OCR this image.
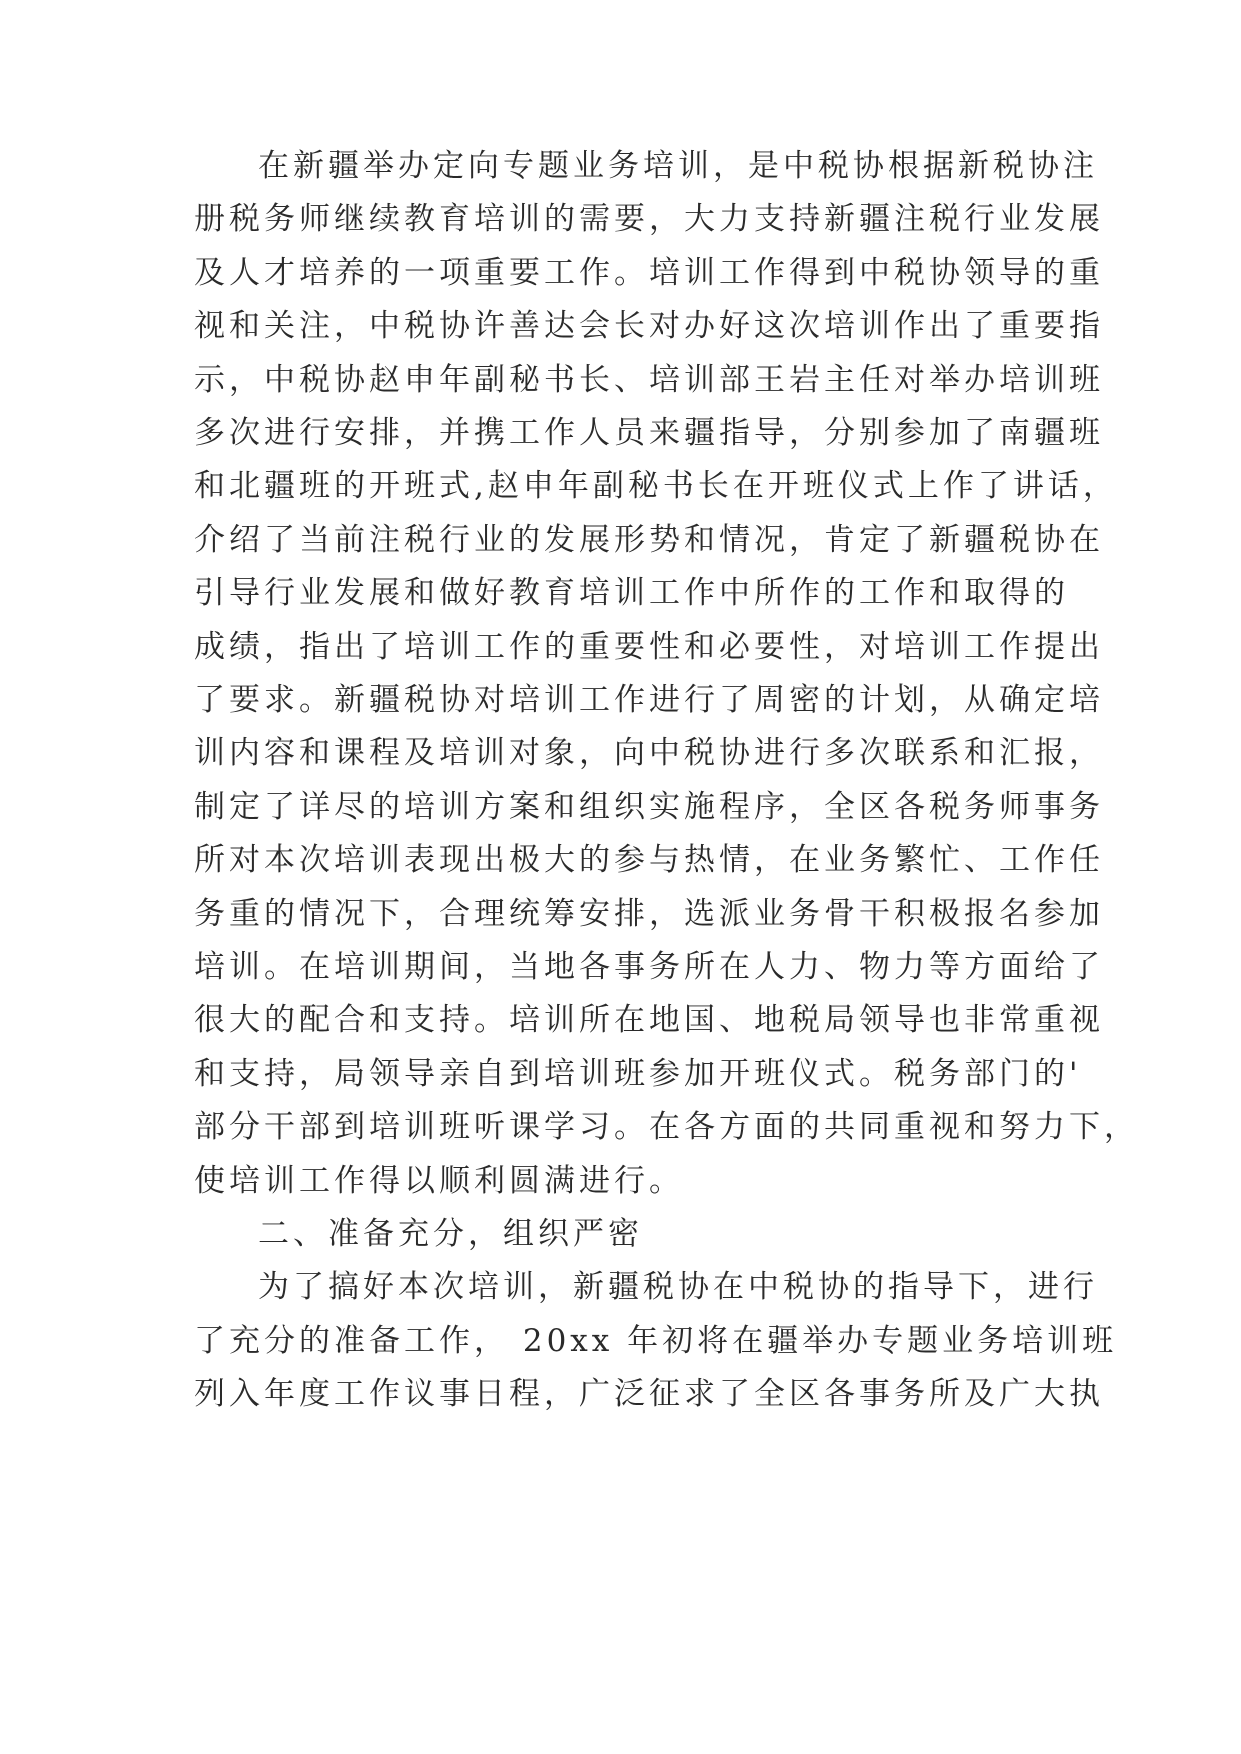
在新疆举办定向专题业务培训，是中税协根据新税协注
册税务师继续教育培训的需要，大力支持新疆注税行业发展
及人才培养的一项重要工作。培训工作得到中税协领导的重
视和关注，中税协许善达会长对办好这次培训作出了重要指
示，中税协赵申年副秘书长、培训部王岩主任对举办培训班
多次进行安排，并携工作人员来疆指导，分别参加了南疆班
和北疆班的开班式,赵申年副秘书长在开班仪式上作了讲话，
介绍了当前注税行业的发展形势和情况，肯定了新疆税协在
引导行业发展和做好教育培训工作中所作的工作和取得的
成绩，指出了培训工作的重要性和必要性，对培训工作提出
了要求。新疆税协对培训工作进行了周密的计划，从确定培
训内容和课程及培训对象，向中税协进行多次联系和汇报，
制定了详尽的培训方案和组织实施程序，全区各税务师事务
所对本次培训表现出极大的参与热情，在业务繁忙、工作任
务重的情况下，合理统筹安排，选派业务骨干积极报名参加
培训。在培训期间，当地各事务所在人力、物力等方面给了
很大的配合和支持。培训所在地国、地税局领导也非常重视
和支持，局领导亲自到培训班参加开班仪式。税务部门的'
部分干部到培训班听课学习。在各方面的共同重视和努力下，
使培训工作得以顺利圆满进行。
二、准备充分，组织严密
为了搞好本次培训，新疆税协在中税协的指导下，进行
了充分的准备工作， 20xx 年初将在疆举办专题业务培训班
列入年度工作议事日程，广泛征求了全区各事务所及广大执
